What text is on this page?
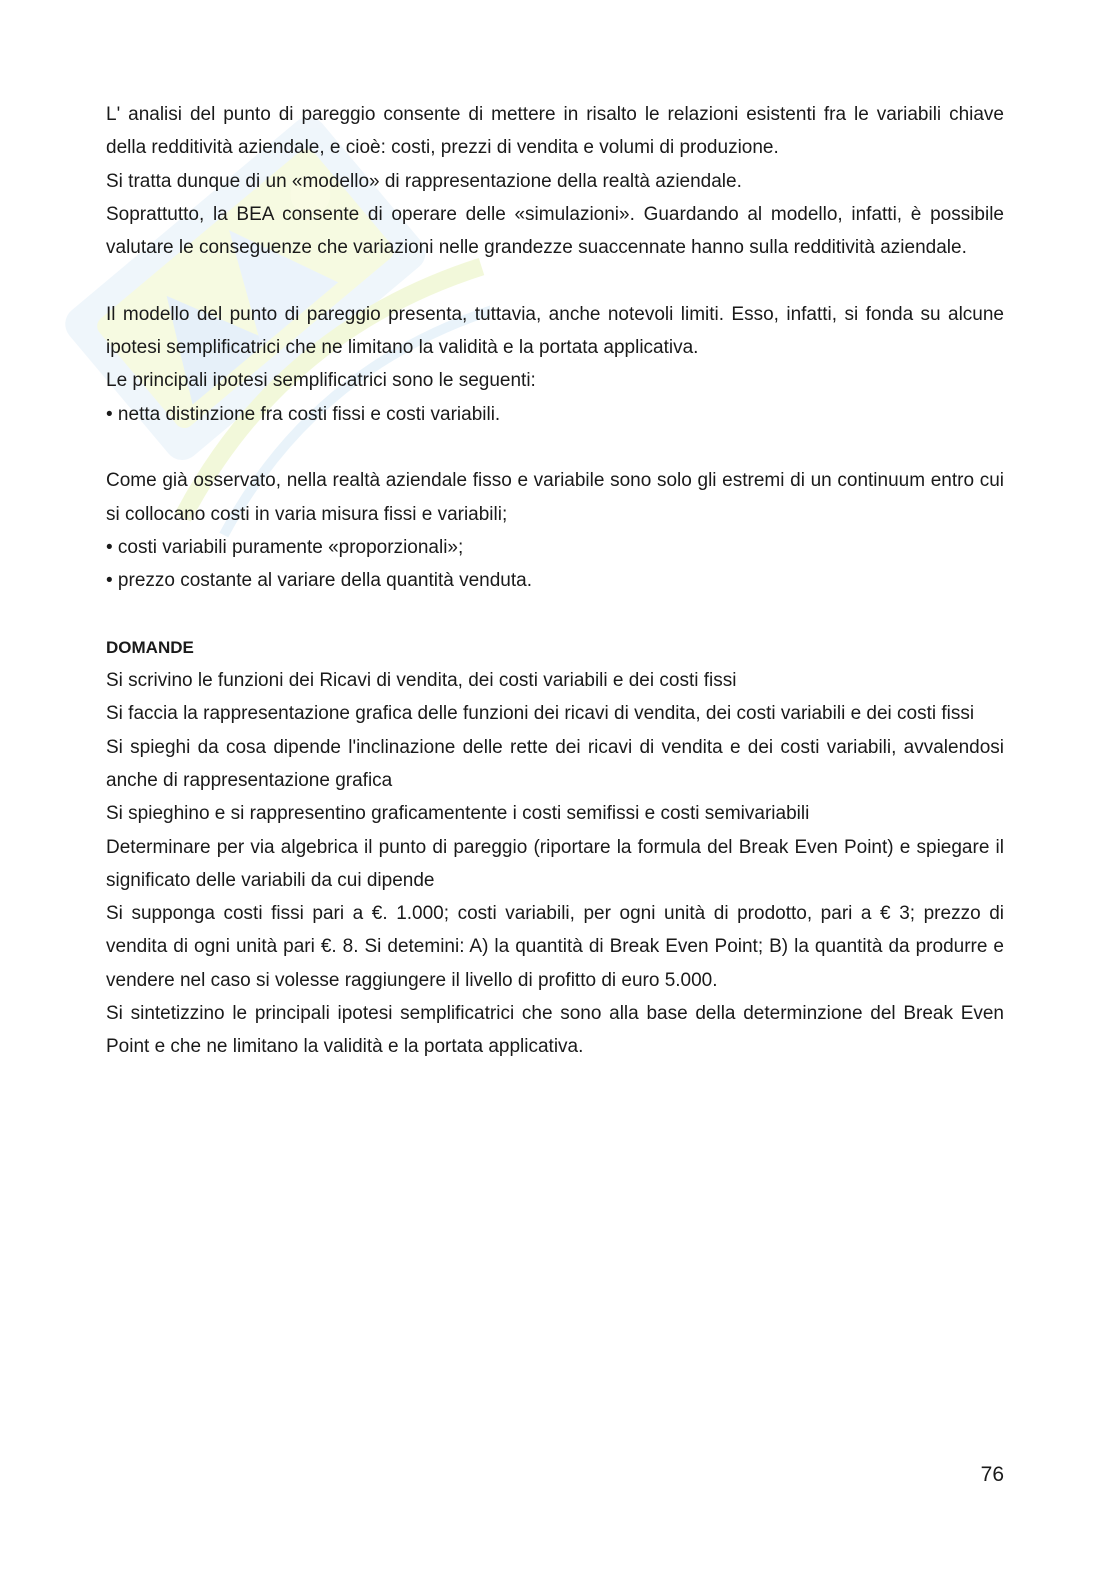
L' analisi del punto di pareggio consente di mettere in risalto le relazioni esistenti fra le variabili chiave della redditività aziendale, e cioè: costi, prezzi di vendita e volumi di produzione.

Si tratta dunque di un «modello» di rappresentazione della realtà aziendale.

Soprattutto, la BEA consente di operare delle «simulazioni». Guardando al modello, infatti, è possibile valutare le conseguenze che variazioni nelle grandezze suaccennate hanno sulla redditività aziendale.

Il modello del punto di pareggio presenta, tuttavia, anche notevoli limiti. Esso, infatti, si fonda su alcune ipotesi semplificatrici che ne limitano la validità e la portata applicativa.

Le principali ipotesi semplificatrici sono le seguenti:

• netta distinzione fra costi fissi e costi variabili.

Come già osservato, nella realtà aziendale fisso e variabile sono solo gli estremi di un continuum entro cui si collocano costi in varia misura fissi e variabili;

• costi variabili puramente «proporzionali»;

• prezzo costante al variare della quantità venduta.

DOMANDE

Si scrivino le funzioni dei Ricavi di vendita, dei costi variabili e dei costi fissi

Si faccia la rappresentazione grafica delle funzioni dei ricavi di vendita, dei costi variabili e dei costi fissi

Si spieghi da cosa dipende l'inclinazione delle rette dei ricavi di vendita e dei costi variabili, avvalendosi anche di rappresentazione grafica

Si spieghino e si rappresentino graficamentente i costi semifissi e costi semivariabili

Determinare per via algebrica il punto di pareggio (riportare la formula del Break Even Point) e spiegare il significato delle variabili da cui dipende

Si supponga costi fissi pari a €. 1.000; costi variabili, per ogni unità di prodotto, pari a € 3; prezzo di vendita di ogni unità pari €. 8. Si detemini: A) la quantità di Break Even Point; B) la quantità da produrre e vendere nel caso si volesse raggiungere il livello di profitto di euro 5.000.

Si sintetizzino le principali ipotesi semplificatrici che sono alla base della determinzione del Break Even Point e che ne limitano la validità e la portata applicativa.

76
